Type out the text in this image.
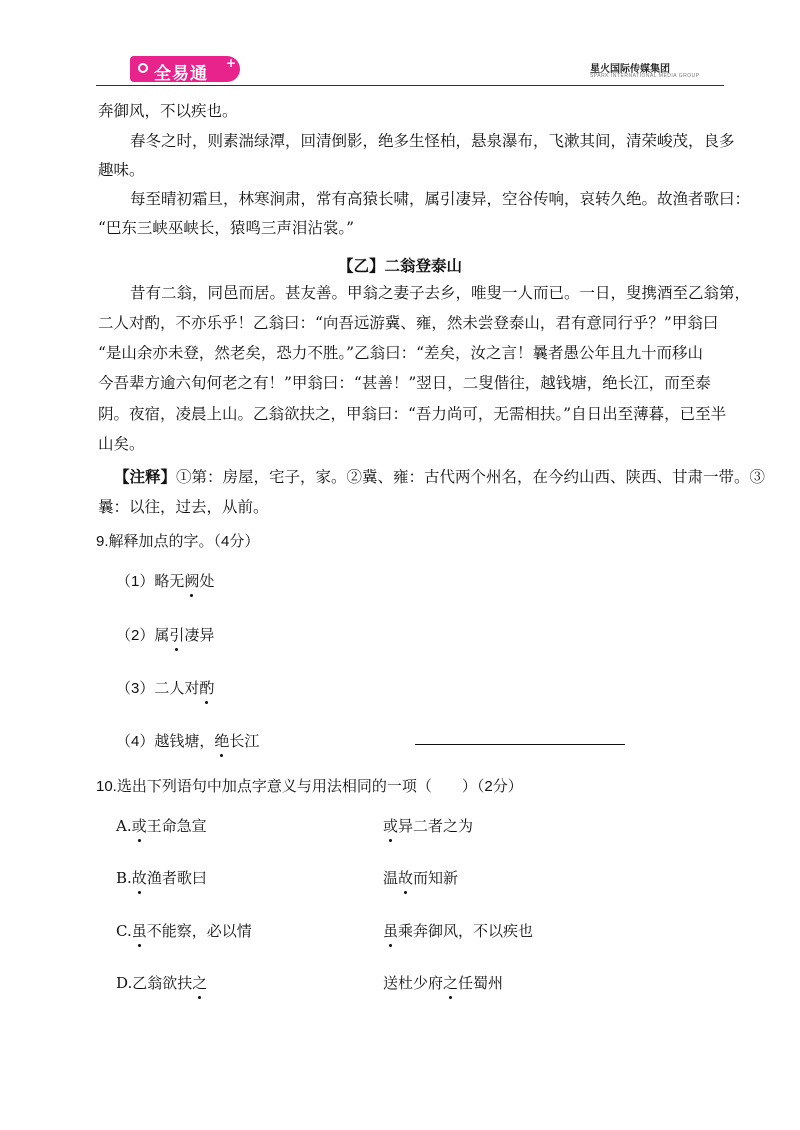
全易通
+	星火国际传媒集团
SPARK INTERNATIONAL MEDIA GROUP
奔御风，不以疾也。
春冬之时，则素湍绿潭，回清倒影，绝多生怪柏，悬泉瀑布，飞漱其间，清荣峻茂，良多
趣味。
每至晴初霜旦，林寒涧肃，常有高猿长啸，属引凄异，空谷传响，哀转久绝。故渔者歌曰：
“巴东三峡巫峡长，猿鸣三声泪沾裳。”
【乙】二翁登泰山
昔有二翁，同邑而居。甚友善。甲翁之妻子去乡，唯叟一人而已。一日，叟携酒至乙翁第，
二人对酌，不亦乐乎！乙翁曰：“向吾远游冀、雍，然未尝登泰山，君有意同行乎？”甲翁曰
“是山余亦未登，然老矣，恐力不胜。”乙翁曰：“差矣，汝之言！曩者愚公年且九十而移山
今吾辈方逾六旬何老之有！”甲翁曰：“甚善！”翌日，二叟偕往，越钱塘，绝长江，而至泰
阴。夜宿，凌晨上山。乙翁欲扶之，甲翁曰：“吾力尚可，无需相扶。”自日出至薄暮，已至半
山矣。
【注释】①第：房屋，宅子，家。②冀、雍：古代两个州名，在今约山西、陕西、甘肃一带。③
曩：以往，过去，从前。
9.解释加点的字。（4分）
（1）略无阙处
（2）属引凄异
（3）二人对酌
（4）越钱塘，绝长江
10.选出下列语句中加点字意义与用法相同的一项（　　）（2分）
A.或王命急宣	或异二者之为
B.故渔者歌曰	温故而知新
C.虽不能察，必以情	虽乘奔御风，不以疾也
D.乙翁欲扶之	送杜少府之任蜀州
